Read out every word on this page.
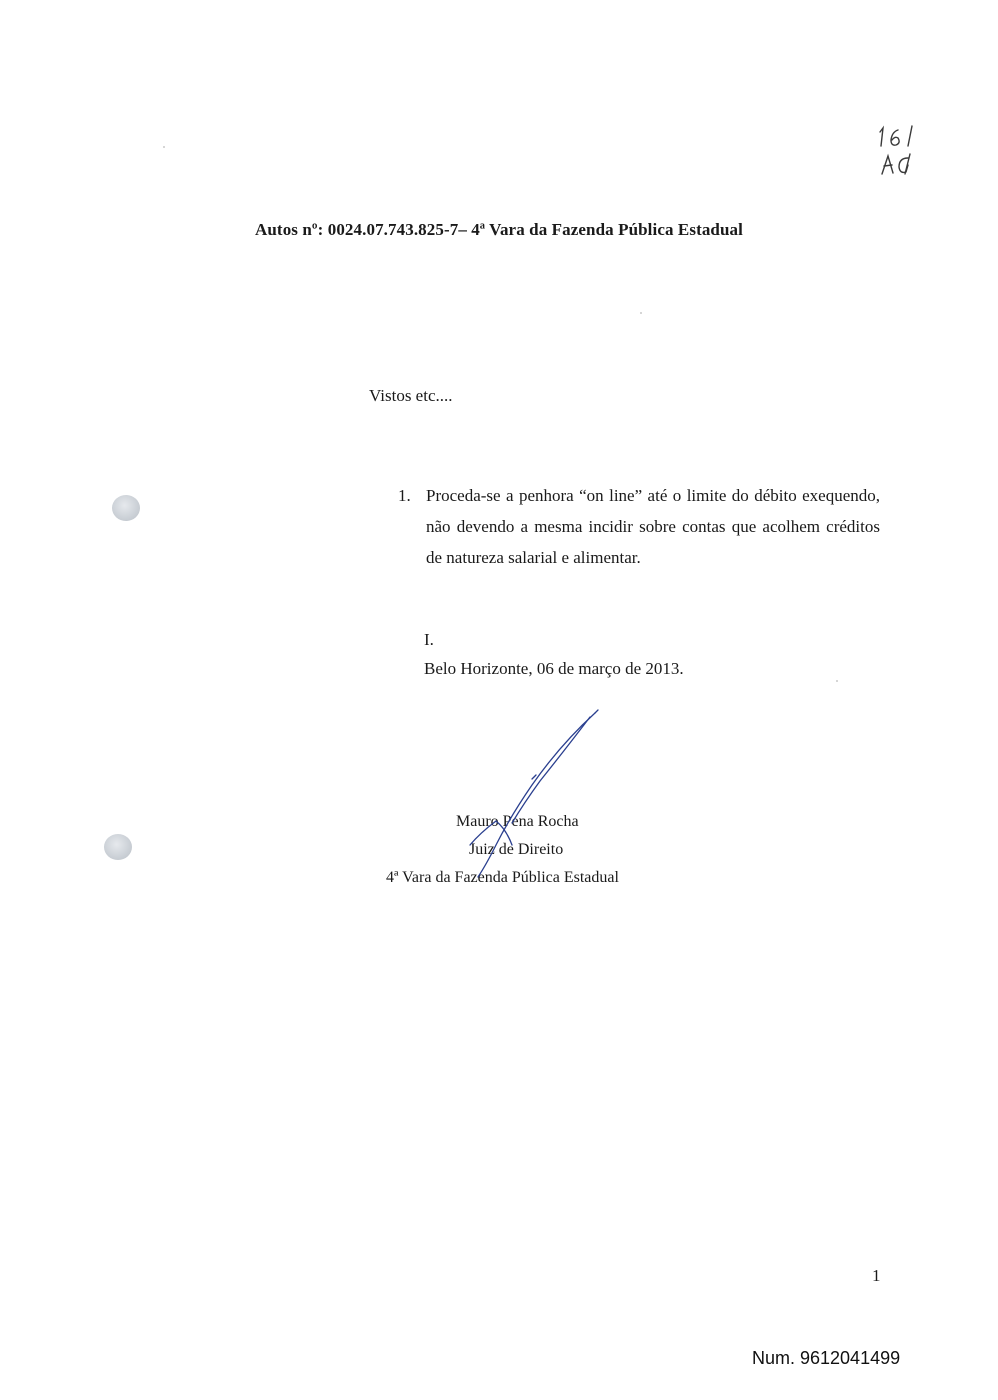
Autos nº: 0024.07.743.825-7– 4ª Vara da Fazenda Pública Estadual
Vistos etc....
1. Proceda-se a penhora “on line” até o limite do débito exequendo, não devendo a mesma incidir sobre contas que acolhem créditos de natureza salarial e alimentar.
I.
Belo Horizonte, 06 de março de 2013.
Mauro Pena Rocha
Juiz de Direito
4ª Vara da Fazenda Pública Estadual
1
Num. 9612041499
